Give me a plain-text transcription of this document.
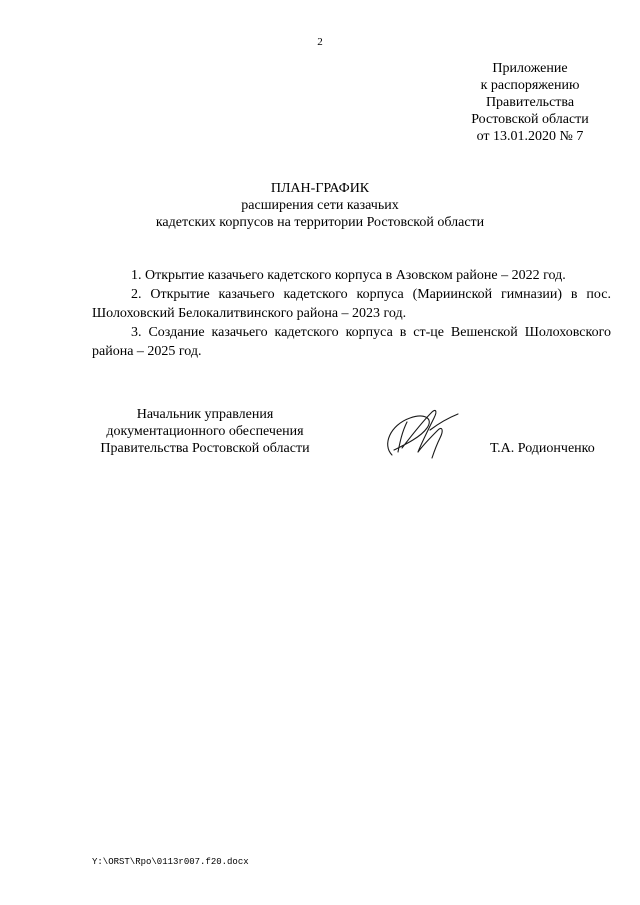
2
Приложение
к распоряжению
Правительства
Ростовской области
от 13.01.2020 № 7
ПЛАН-ГРАФИК
расширения сети казачьих
кадетских корпусов на территории Ростовской области

1. Открытие казачьего кадетского корпуса в Азовском районе – 2022 год.

2. Открытие казачьего кадетского корпуса (Мариинской гимназии) в пос. Шолоховский Белокалитвинского района – 2023 год.

3. Создание казачьего кадетского корпуса в ст-це Вешенской Шолоховского района – 2025 год.

Начальник управления
документационного обеспечения
Правительства Ростовской области	Т.А. Родионченко
Y:\ORST\Rpo\0113r007.f20.docx
